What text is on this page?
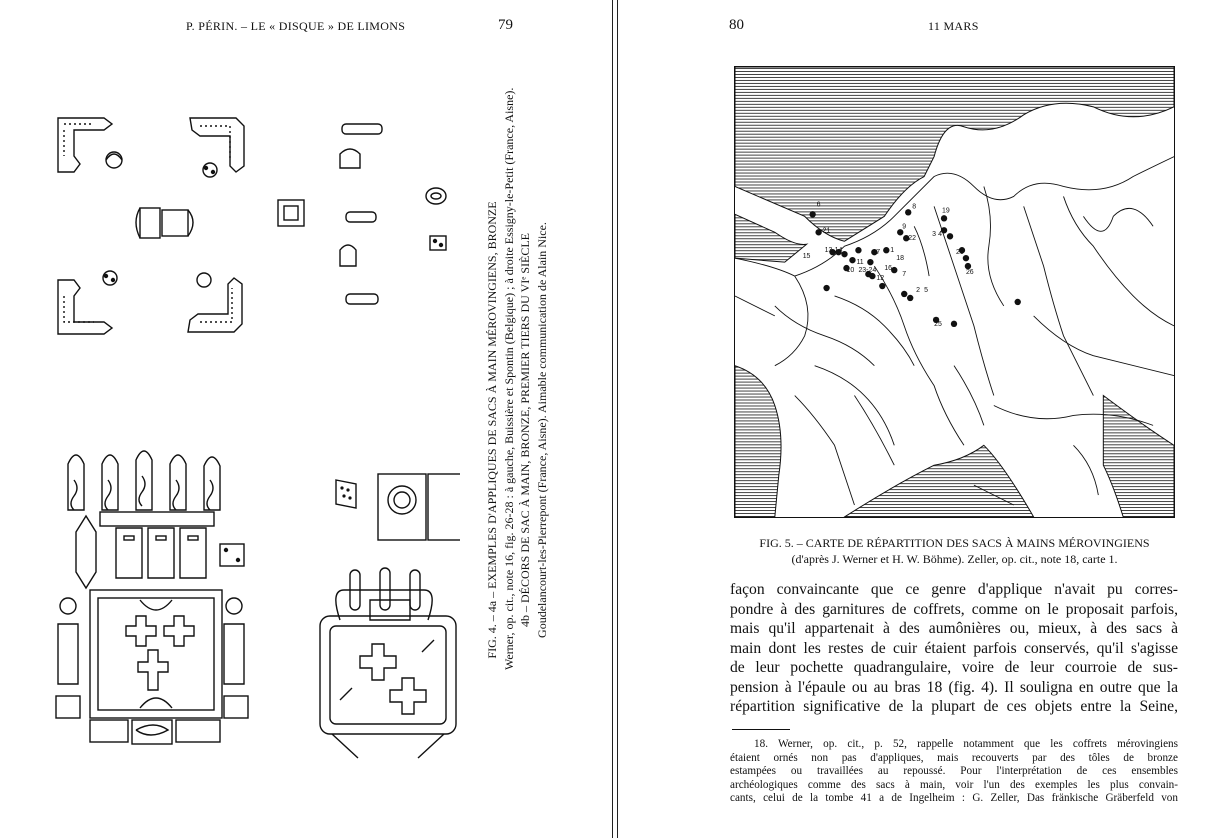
P. PÉRIN. – LE « DISQUE » DE LIMONS	79
FIG. 4. – 4a – EXEMPLES D'APPLIQUES DE SACS À MAIN MÉROVINGIENS, BRONZE Werner, op. cit., note 16, fig. 26-28 : à gauche, Buissière et Spontin (Belgique) ; à droite Essigny-le-Petit (France, Aisne). 4b – DÉCORS DE SAC À MAIN, BRONZE, PREMIER TIERS DU VIᵉ SIÈCLE Goudelancourt-les-Pierrepont (France, Aisne). Aimable communication de Alain Nice.
80	11 MARS
6	8
19
21
9
22
3 4
15
13-14
11
17 1
18
20
16
10 23-24
12
7	26
2 5
25
FIG. 5. – CARTE DE RÉPARTITION DES SACS À MAINS MÉROVINGIENS
(d'après J. Werner et H. W. Böhme). Zeller, op. cit., note 18, carte 1.
façon convaincante que ce genre d'applique n'avait pu corres-
pondre à des garnitures de coffrets, comme on le proposait parfois,
mais qu'il appartenait à des aumônières ou, mieux, à des sacs à
main dont les restes de cuir étaient parfois conservés, qu'il s'agisse
de leur pochette quadrangulaire, voire de leur courroie de sus-
pension à l'épaule ou au bras 18 (fig. 4). Il souligna en outre que la
répartition significative de la plupart de ces objets entre la Seine,
18. Werner, op. cit., p. 52, rappelle notamment que les coffrets mérovingiens
étaient ornés non pas d'appliques, mais recouverts par des tôles de bronze
estampées ou travaillées au repoussé. Pour l'interprétation de ces ensembles
archéologiques comme des sacs à main, voir l'un des exemples les plus convain-
cants, celui de la tombe 41 a de Ingelheim : G. Zeller, Das fränkische Gräberfeld von
